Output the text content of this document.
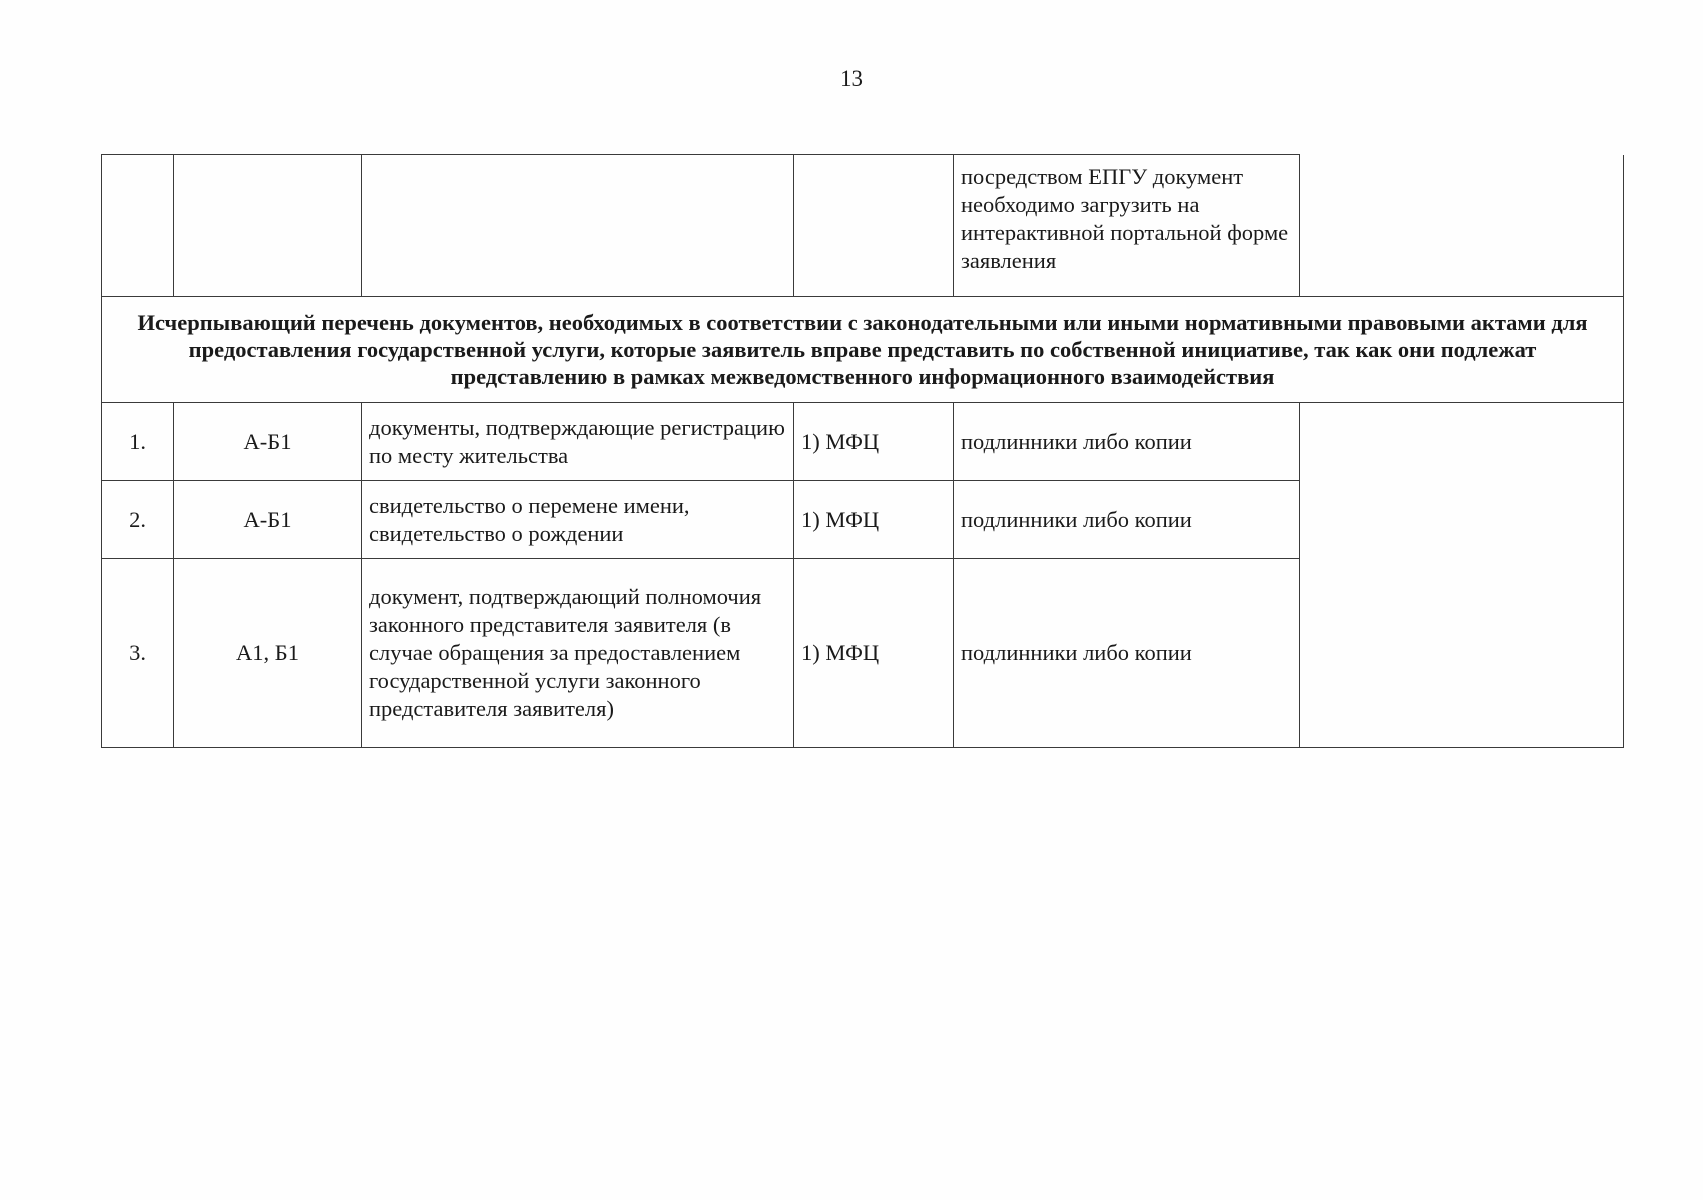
13
				посредством ЕПГУ документ необходимо загрузить на интерактивной портальной форме заявления	
Исчерпывающий перечень документов, необходимых в соответствии с законодательными или иными нормативными правовыми актами для предоставления государственной услуги, которые заявитель вправе представить по собственной инициативе, так как они подлежат представлению в рамках межведомственного информационного взаимодействия					
1.	А-Б1	документы, подтверждающие регистрацию по месту жительства	1) МФЦ	подлинники либо копии	
2.	А-Б1	свидетельство о перемене имени, свидетельство о рождении	1) МФЦ	подлинники либо копии	
3.	А1, Б1	документ, подтверждающий полномочия законного представителя заявителя (в случае обращения за предоставлением государственной услуги законного представителя заявителя)	1) МФЦ	подлинники либо копии	
